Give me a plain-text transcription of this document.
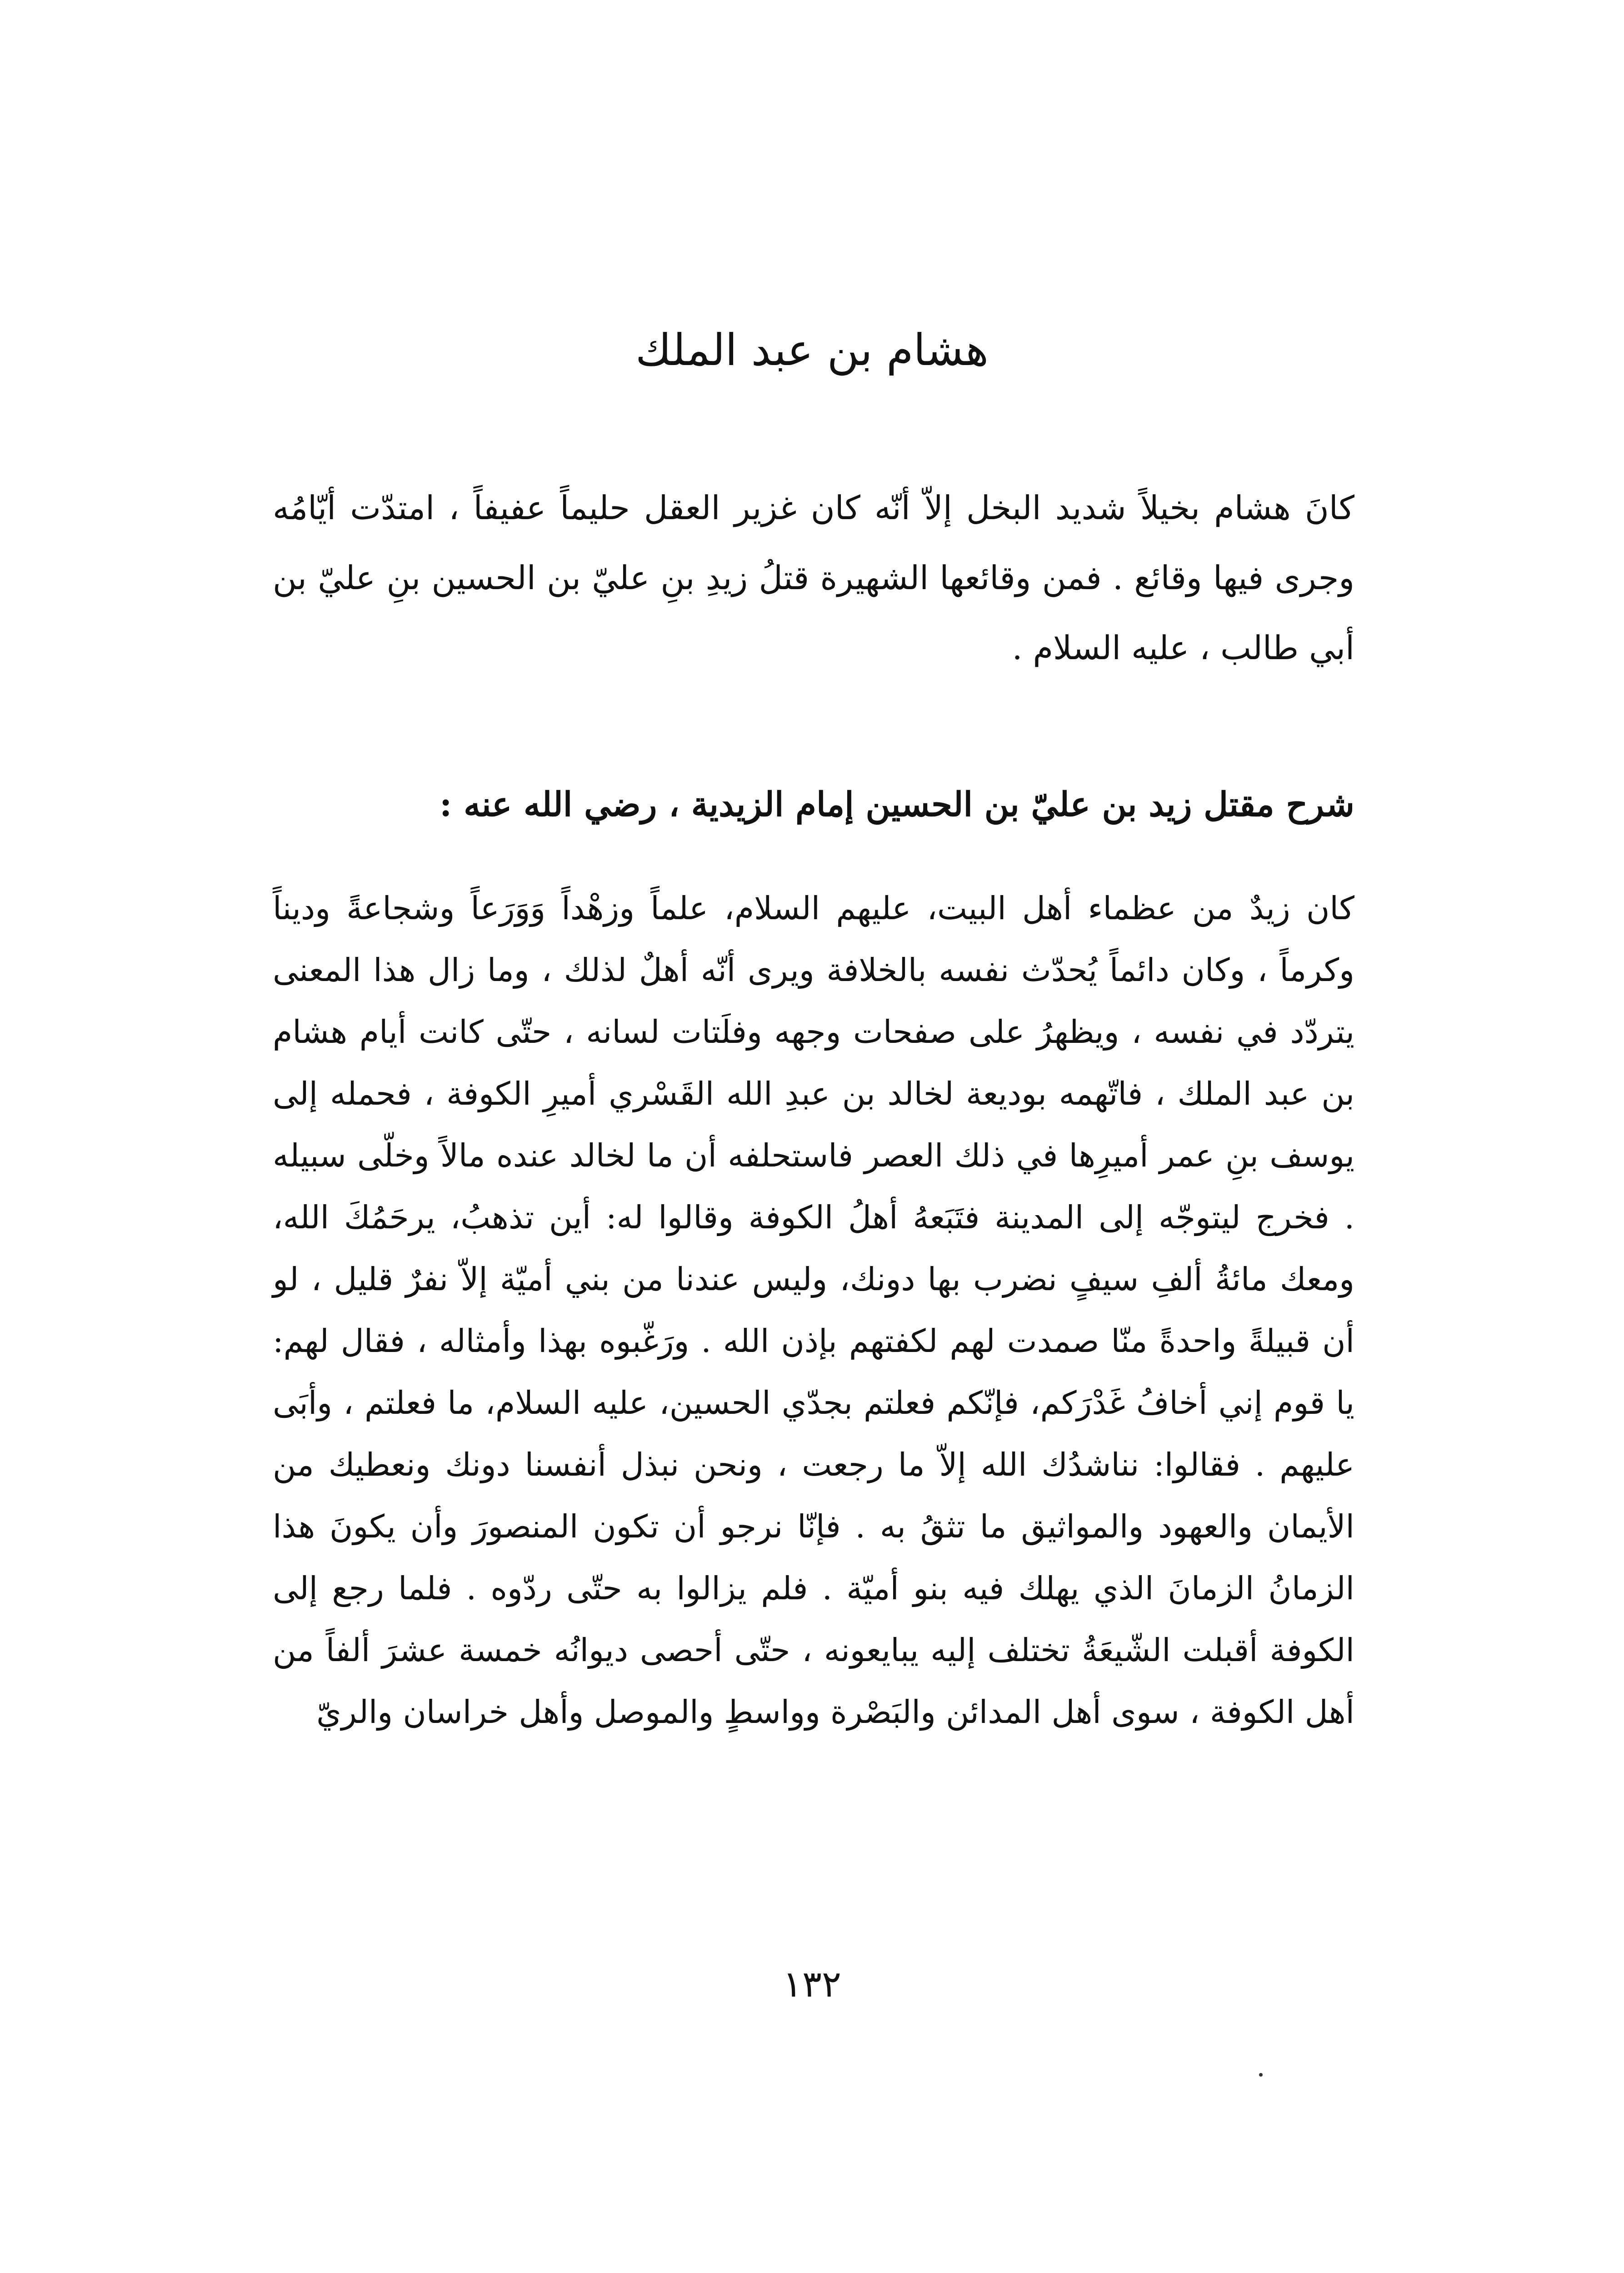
هشام بن عبد الملك

كانَ هشام بخيلاً شديد البخل إلاّ أنّه كان غزير العقل حليماً عفيفاً ، امتدّت أيّامُه وجرى فيها وقائع . فمن وقائعها الشهيرة قتلُ زيدِ بنِ عليّ بن الحسين بنِ عليّ بن أبي طالب ، عليه السلام .

شرح مقتل زيد بن عليّ بن الحسين إمام الزيدية ، رضي الله عنه :

كان زيدٌ من عظماء أهل البيت، عليهم السلام، علماً وزهْداً وَوَرَعاً وشجاعةً وديناً وكرماً ، وكان دائماً يُحدّث نفسه بالخلافة ويرى أنّه أهلٌ لذلك ، وما زال هذا المعنى يتردّد في نفسه ، ويظهرُ على صفحات وجهه وفلَتات لسانه ، حتّى كانت أيام هشام بن عبد الملك ، فاتّهمه بوديعة لخالد بن عبدِ الله القَسْري أميرِ الكوفة ، فحمله إلى يوسف بنِ عمر أميرِها في ذلك العصر فاستحلفه أن ما لخالد عنده مالاً وخلّى سبيله . فخرج ليتوجّه إلى المدينة فتَبَعهُ أهلُ الكوفة وقالوا له: أين تذهبُ، يرحَمُكَ الله، ومعك مائةُ ألفِ سيفٍ نضرب بها دونك، وليس عندنا من بني أميّة إلاّ نفرٌ قليل ، لو أن قبيلةً واحدةً منّا صمدت لهم لكفتهم بإذن الله . ورَغّبوه بهذا وأمثاله ، فقال لهم: يا قوم إني أخافُ غَدْرَكم، فإنّكم فعلتم بجدّي الحسين، عليه السلام، ما فعلتم ، وأبَى عليهم . فقالوا: نناشدُك الله إلاّ ما رجعت ، ونحن نبذل أنفسنا دونك ونعطيك من الأيمان والعهود والمواثيق ما تثقُ به . فإنّا نرجو أن تكون المنصورَ وأن يكونَ هذا الزمانُ الزمانَ الذي يهلك فيه بنو أميّة . فلم يزالوا به حتّى ردّوه . فلما رجع إلى الكوفة أقبلت الشّيعَةُ تختلف إليه يبايعونه ، حتّى أحصى ديوانُه خمسة عشرَ ألفاً من أهل الكوفة ، سوى أهل المدائن والبَصْرة وواسطٍ والموصل وأهل خراسان والريّ

١٣٢
